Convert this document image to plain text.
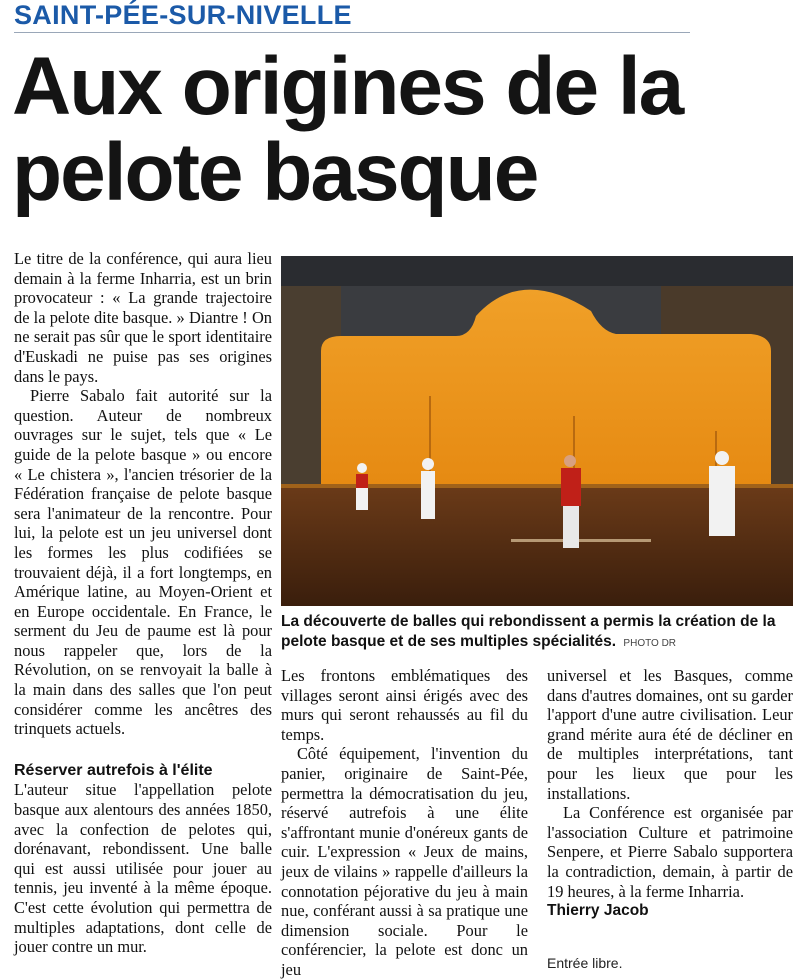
SAINT-PÉE-SUR-NIVELLE
Aux origines de la pelote basque

Le titre de la conférence, qui aura lieu demain à la ferme Inharria, est un brin provocateur : « La grande trajectoire de la pelote dite basque. » Diantre ! On ne serait pas sûr que le sport identitaire d'Euskadi ne puise pas ses origines dans le pays.

Pierre Sabalo fait autorité sur la question. Auteur de nombreux ouvrages sur le sujet, tels que « Le guide de la pelote basque » ou encore « Le chistera », l'ancien trésorier de la Fédération française de pelote basque sera l'animateur de la rencontre. Pour lui, la pelote est un jeu universel dont les formes les plus codifiées se trouvaient déjà, il a fort longtemps, en Amérique latine, au Moyen-Orient et en Europe occidentale. En France, le serment du Jeu de paume est là pour nous rappeler que, lors de la Révolution, on se renvoyait la balle à la main dans des salles que l'on peut considérer comme les ancêtres des trinquets actuels.

Réserver autrefois à l'élite

L'auteur situe l'appellation pelote basque aux alentours des années 1850, avec la confection de pelotes qui, dorénavant, rebondissent. Une balle qui est aussi utilisée pour jouer au tennis, jeu inventé à la même époque. C'est cette évolution qui permettra de multiples adaptations, dont celle de jouer contre un mur.

La découverte de balles qui rebondissent a permis la création de la pelote basque et de ses multiples spécialités. PHOTO DR

Les frontons emblématiques des villages seront ainsi érigés avec des murs qui seront rehaussés au fil du temps.

Côté équipement, l'invention du panier, originaire de Saint-Pée, permettra la démocratisation du jeu, réservé autrefois à une élite s'affrontant munie d'onéreux gants de cuir. L'expression « Jeux de mains, jeux de vilains » rappelle d'ailleurs la connotation péjorative du jeu à main nue, conférant aussi à sa pratique une dimension sociale. Pour le conférencier, la pelote est donc un jeu

universel et les Basques, comme dans d'autres domaines, ont su garder l'apport d'une autre civilisation. Leur grand mérite aura été de décliner en de multiples interprétations, tant pour les lieux que pour les installations.

La Conférence est organisée par l'association Culture et patrimoine Senpere, et Pierre Sabalo supportera la contradiction, demain, à partir de 19 heures, à la ferme Inharria.

Thierry Jacob

Entrée libre.
